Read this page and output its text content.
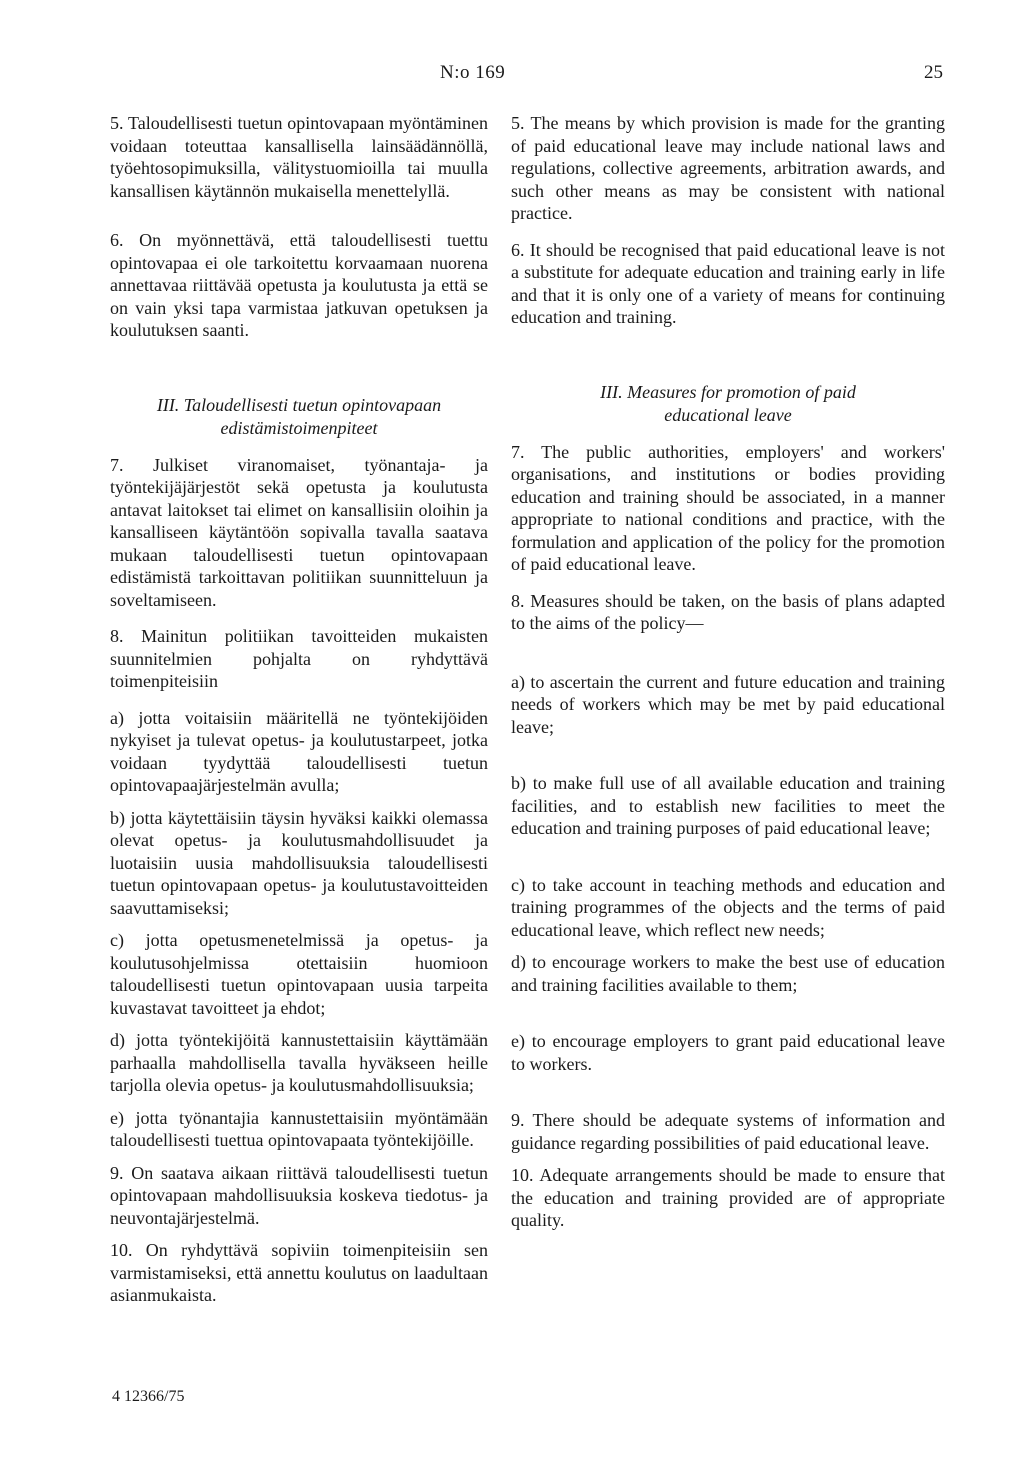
N:o 169	25

5. Taloudellisesti tuetun opintovapaan myöntäminen voidaan toteuttaa kansallisella lainsäädännöllä, työehtosopimuksilla, välitystuomioilla tai muulla kansallisen käytännön mukaisella menettelyllä.

6. On myönnettävä, että taloudellisesti tuettu opintovapaa ei ole tarkoitettu korvaamaan nuorena annettavaa riittävää opetusta ja koulutusta ja että se on vain yksi tapa varmistaa jatkuvan opetuksen ja koulutuksen saanti.

III. Taloudellisesti tuetun opintovapaan
edistämistoimenpiteet

7. Julkiset viranomaiset, työnantaja- ja työntekijäjärjestöt sekä opetusta ja koulutusta antavat laitokset tai elimet on kansallisiin oloihin ja kansalliseen käytäntöön sopivalla tavalla saatava mukaan taloudellisesti tuetun opintovapaan edistämistä tarkoittavan politiikan suunnitteluun ja soveltamiseen.

8. Mainitun politiikan tavoitteiden mukaisten suunnitelmien pohjalta on ryhdyttävä toimenpiteisiin

a) jotta voitaisiin määritellä ne työntekijöiden nykyiset ja tulevat opetus- ja koulutustarpeet, jotka voidaan tyydyttää taloudellisesti tuetun opintovapaajärjestelmän avulla;

b) jotta käytettäisiin täysin hyväksi kaikki olemassa olevat opetus- ja koulutusmahdollisuudet ja luotaisiin uusia mahdollisuuksia taloudellisesti tuetun opintovapaan opetus- ja koulutustavoitteiden saavuttamiseksi;

c) jotta opetusmenetelmissä ja opetus- ja koulutusohjelmissa otettaisiin huomioon taloudellisesti tuetun opintovapaan uusia tarpeita kuvastavat tavoitteet ja ehdot;

d) jotta työntekijöitä kannustettaisiin käyttämään parhaalla mahdollisella tavalla hyväkseen heille tarjolla olevia opetus- ja koulutusmahdollisuuksia;

e) jotta työnantajia kannustettaisiin myöntämään taloudellisesti tuettua opintovapaata työntekijöille.

9. On saatava aikaan riittävä taloudellisesti tuetun opintovapaan mahdollisuuksia koskeva tiedotus- ja neuvontajärjestelmä.

10. On ryhdyttävä sopiviin toimenpiteisiin sen varmistamiseksi, että annettu koulutus on laadultaan asianmukaista.

5. The means by which provision is made for the granting of paid educational leave may include national laws and regulations, collective agreements, arbitration awards, and such other means as may be consistent with national practice.

6. It should be recognised that paid educational leave is not a substitute for adequate education and training early in life and that it is only one of a variety of means for continuing education and training.

III. Measures for promotion of paid
educational leave

7. The public authorities, employers' and workers' organisations, and institutions or bodies providing education and training should be associated, in a manner appropriate to national conditions and practice, with the formulation and application of the policy for the promotion of paid educational leave.

8. Measures should be taken, on the basis of plans adapted to the aims of the policy—

a) to ascertain the current and future education and training needs of workers which may be met by paid educational leave;

b) to make full use of all available education and training facilities, and to establish new facilities to meet the education and training purposes of paid educational leave;

c) to take account in teaching methods and education and training programmes of the objects and the terms of paid educational leave, which reflect new needs;

d) to encourage workers to make the best use of education and training facilities available to them;

e) to encourage employers to grant paid educational leave to workers.

9. There should be adequate systems of information and guidance regarding possibilities of paid educational leave.

10. Adequate arrangements should be made to ensure that the education and training provided are of appropriate quality.

4 12366/75
